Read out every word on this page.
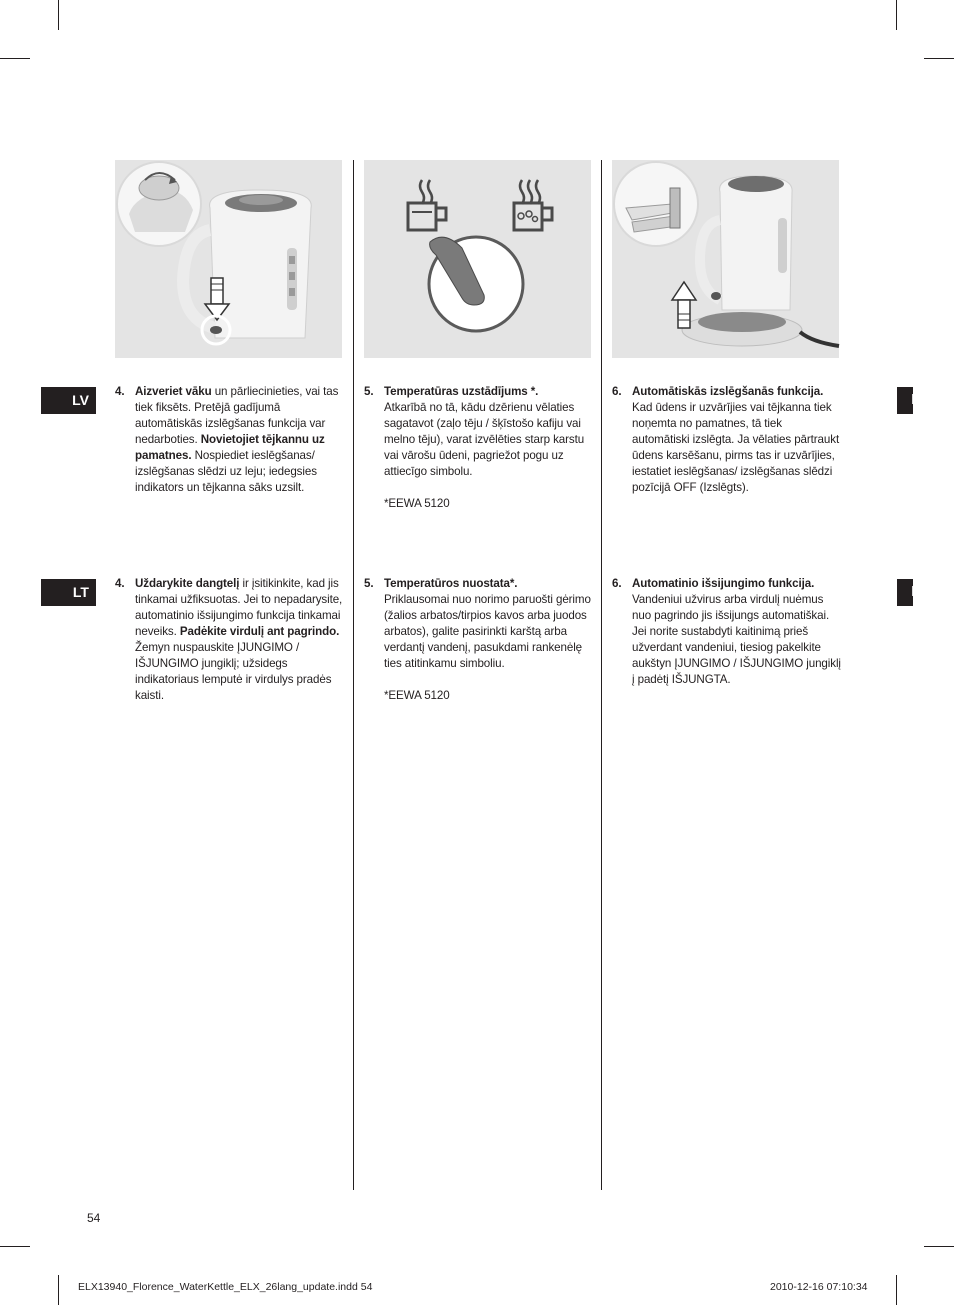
LV
LT
L
L
4. Aizveriet vāku un pārliecinieties, vai tas tiek fiksēts. Pretējā gadījumā automātiskās izslēgšanas funkcija var nedarboties. Novietojiet tējkannu uz pamatnes. Nospiediet ieslēgšanas/ izslēgšanas slēdzi uz leju; iedegsies indikators un tējkanna sāks uzsilt.
5. Temperatūras uzstādījums *.
Atkarībā no tā, kādu dzērienu vēlaties sagatavot (zaļo tēju / šķīstošo kafiju vai melno tēju), varat izvēlēties starp karstu vai vārošu ūdeni, pagriežot pogu uz attiecīgo simbolu.
*EEWA 5120
6. Automātiskās izslēgšanās funkcija.
Kad ūdens ir uzvārījies vai tējkanna tiek noņemta no pamatnes, tā tiek automātiski izslēgta. Ja vēlaties pārtraukt ūdens karsēšanu, pirms tas ir uzvārījies, iestatiet ieslēgšanas/ izslēgšanas slēdzi pozīcijā OFF (Izslēgts).
4. Uždarykite dangtelį ir įsitikinkite, kad jis tinkamai užfiksuotas. Jei to nepadarysite, automatinio išsijungimo funkcija tinkamai neveiks. Padėkite virdulį ant pagrindo. Žemyn nuspauskite ĮJUNGIMO / IŠJUNGIMO jungiklį; užsidegs indikatoriaus lemputė ir virdulys pradės kaisti.
5. Temperatūros nuostata*.
Priklausomai nuo norimo paruošti gėrimo (žalios arbatos/tirpios kavos arba juodos arbatos), galite pasirinkti karštą arba verdantį vandenį, pasukdami rankenėlę ties atitinkamu simboliu.
*EEWA 5120
6. Automatinio išsijungimo funkcija.
Vandeniui užvirus arba virdulį nuėmus nuo pagrindo jis išsijungs automatiškai. Jei norite sustabdyti kaitinimą prieš užverdant vandeniui, tiesiog pakelkite aukštyn ĮJUNGIMO / IŠJUNGIMO jungiklį į padėtį IŠJUNGTA.
54
ELX13940_Florence_WaterKettle_ELX_26lang_update.indd 54	2010-12-16 07:10:34
